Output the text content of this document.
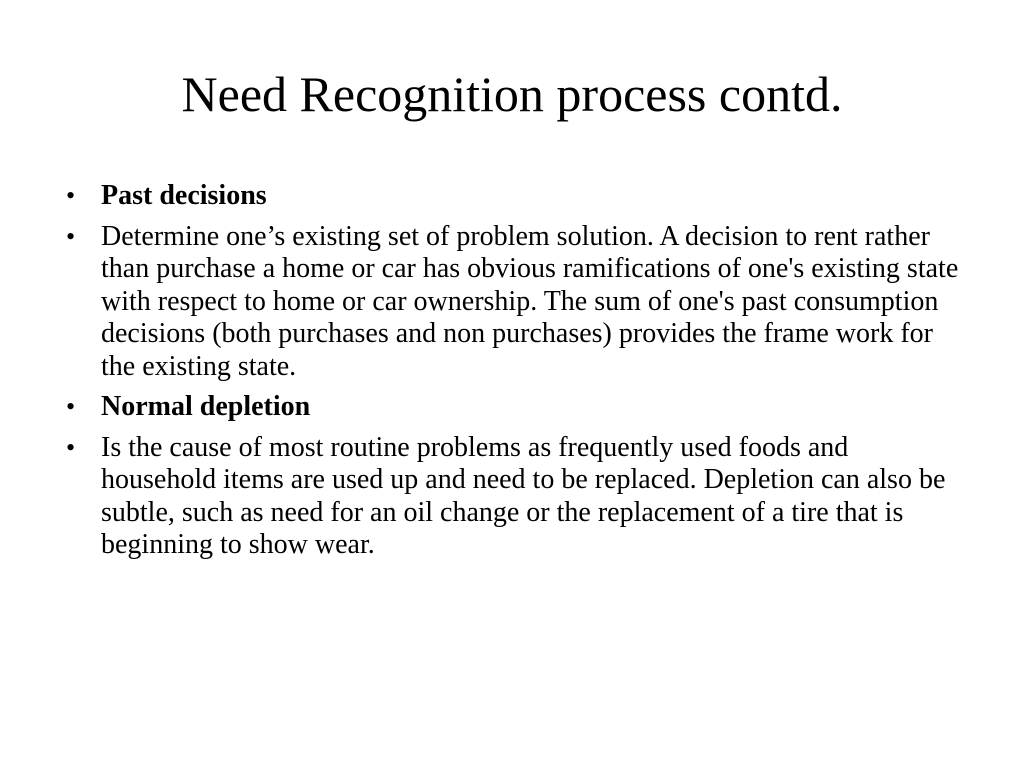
Need Recognition process contd.
• Past decisions
• Determine one’s existing set of problem solution. A decision to rent rather than purchase a home or car has obvious ramifications of one's existing state with respect to home or car ownership. The sum of one's past consumption decisions (both purchases and non purchases) provides the frame work for the existing state.
• Normal depletion
• Is the cause of most routine problems as frequently used foods and household items are used up and need to be replaced. Depletion can also be subtle, such as need for an oil change or the replacement of a tire that is beginning to show wear.
